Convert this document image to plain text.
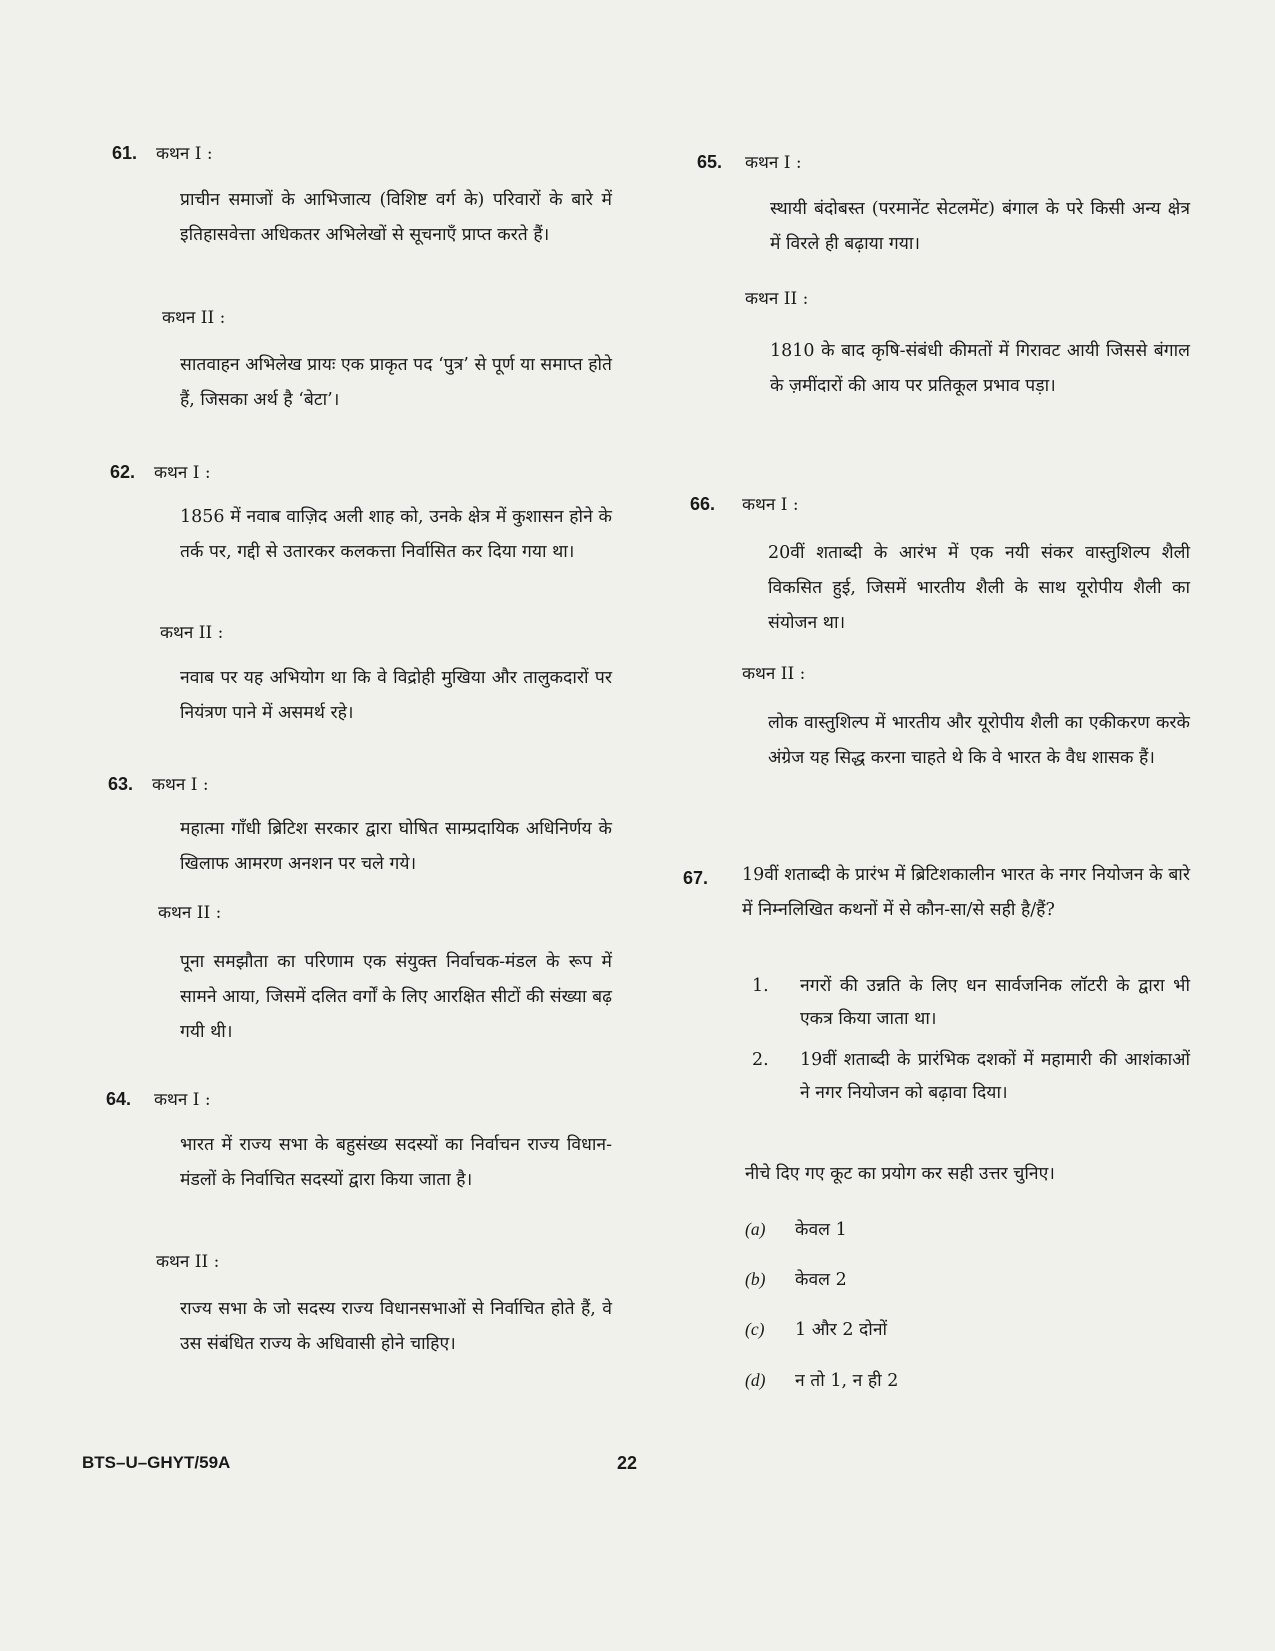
61. कथन I :
प्राचीन समाजों के आभिजात्य (विशिष्ट वर्ग के) परिवारों के बारे में इतिहासवेत्ता अधिकतर अभिलेखों से सूचनाएँ प्राप्त करते हैं।
कथन II :
सातवाहन अभिलेख प्रायः एक प्राकृत पद ‘पुत्र’ से पूर्ण या समाप्त होते हैं, जिसका अर्थ है ‘बेटा’।
62. कथन I :
1856 में नवाब वाज़िद अली शाह को, उनके क्षेत्र में कुशासन होने के तर्क पर, गद्दी से उतारकर कलकत्ता निर्वासित कर दिया गया था।
कथन II :
नवाब पर यह अभियोग था कि वे विद्रोही मुखिया और तालुकदारों पर नियंत्रण पाने में असमर्थ रहे।
63. कथन I :
महात्मा गाँधी ब्रिटिश सरकार द्वारा घोषित साम्प्रदायिक अधिनिर्णय के खिलाफ आमरण अनशन पर चले गये।
कथन II :
पूना समझौता का परिणाम एक संयुक्त निर्वाचक-मंडल के रूप में सामने आया, जिसमें दलित वर्गों के लिए आरक्षित सीटों की संख्या बढ़ गयी थी।
64. कथन I :
भारत में राज्य सभा के बहुसंख्य सदस्यों का निर्वाचन राज्य विधान-मंडलों के निर्वाचित सदस्यों द्वारा किया जाता है।
कथन II :
राज्य सभा के जो सदस्य राज्य विधानसभाओं से निर्वाचित होते हैं, वे उस संबंधित राज्य के अधिवासी होने चाहिए।
65. कथन I :
स्थायी बंदोबस्त (परमानेंट सेटलमेंट) बंगाल के परे किसी अन्य क्षेत्र में विरले ही बढ़ाया गया।
कथन II :
1810 के बाद कृषि-संबंधी कीमतों में गिरावट आयी जिससे बंगाल के ज़मींदारों की आय पर प्रतिकूल प्रभाव पड़ा।
66. कथन I :
20वीं शताब्दी के आरंभ में एक नयी संकर वास्तुशिल्प शैली विकसित हुई, जिसमें भारतीय शैली के साथ यूरोपीय शैली का संयोजन था।
कथन II :
लोक वास्तुशिल्प में भारतीय और यूरोपीय शैली का एकीकरण करके अंग्रेज यह सिद्ध करना चाहते थे कि वे भारत के वैध शासक हैं।
67. 19वीं शताब्दी के प्रारंभ में ब्रिटिशकालीन भारत के नगर नियोजन के बारे में निम्नलिखित कथनों में से कौन-सा/से सही है/हैं?
1. नगरों की उन्नति के लिए धन सार्वजनिक लॉटरी के द्वारा भी एकत्र किया जाता था।
2. 19वीं शताब्दी के प्रारंभिक दशकों में महामारी की आशंकाओं ने नगर नियोजन को बढ़ावा दिया।
नीचे दिए गए कूट का प्रयोग कर सही उत्तर चुनिए।
(a) केवल 1
(b) केवल 2
(c) 1 और 2 दोनों
(d) न तो 1, न ही 2
BTS–U–GHYT/59A	22
